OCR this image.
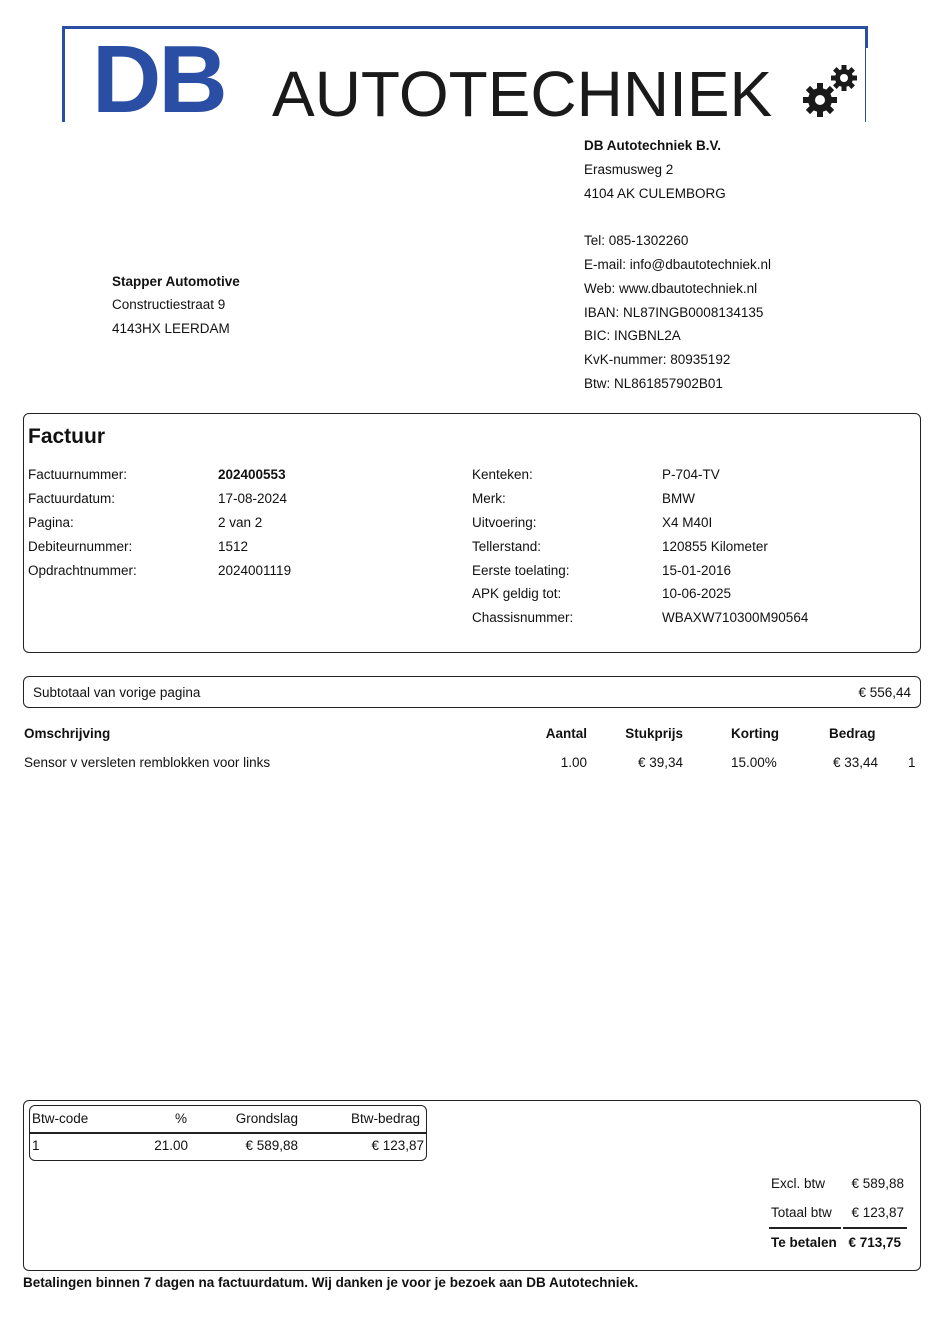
DB AUTOTECHNIEK
DB Autotechniek B.V.
Erasmusweg 2
4104 AK CULEMBORG
Tel: 085-1302260
E-mail: info@dbautotechniek.nl
Web: www.dbautotechniek.nl
IBAN: NL87INGB0008134135
BIC: INGBNL2A
KvK-nummer: 80935192
Btw: NL861857902B01
Stapper Automotive
Constructiestraat 9
4143HX LEERDAM
Factuur
Factuurnummer:	202400553
Factuurdatum:	17-08-2024
Pagina:	2 van 2
Debiteurnummer:	1512
Opdrachtnummer:	2024001119
Kenteken:	P-704-TV
Merk:	BMW
Uitvoering:	X4 M40I
Tellerstand:	120855 Kilometer
Eerste toelating:	15-01-2016
APK geldig tot:	10-06-2025
Chassisnummer:	WBAXW710300M90564
Subtotaal van vorige pagina	€ 556,44
Omschrijving	Aantal	Stukprijs	Korting	Bedrag
Sensor v versleten remblokken voor links	1.00	€ 39,34	15.00%	€ 33,44 1
Btw-code	%	Grondslag	Btw-bedrag
1	21.00	€ 589,88	€ 123,87
Excl. btw € 589,88
Totaal btw € 123,87
Te betalen € 713,75
Betalingen binnen 7 dagen na factuurdatum. Wij danken je voor je bezoek aan DB Autotechniek.
